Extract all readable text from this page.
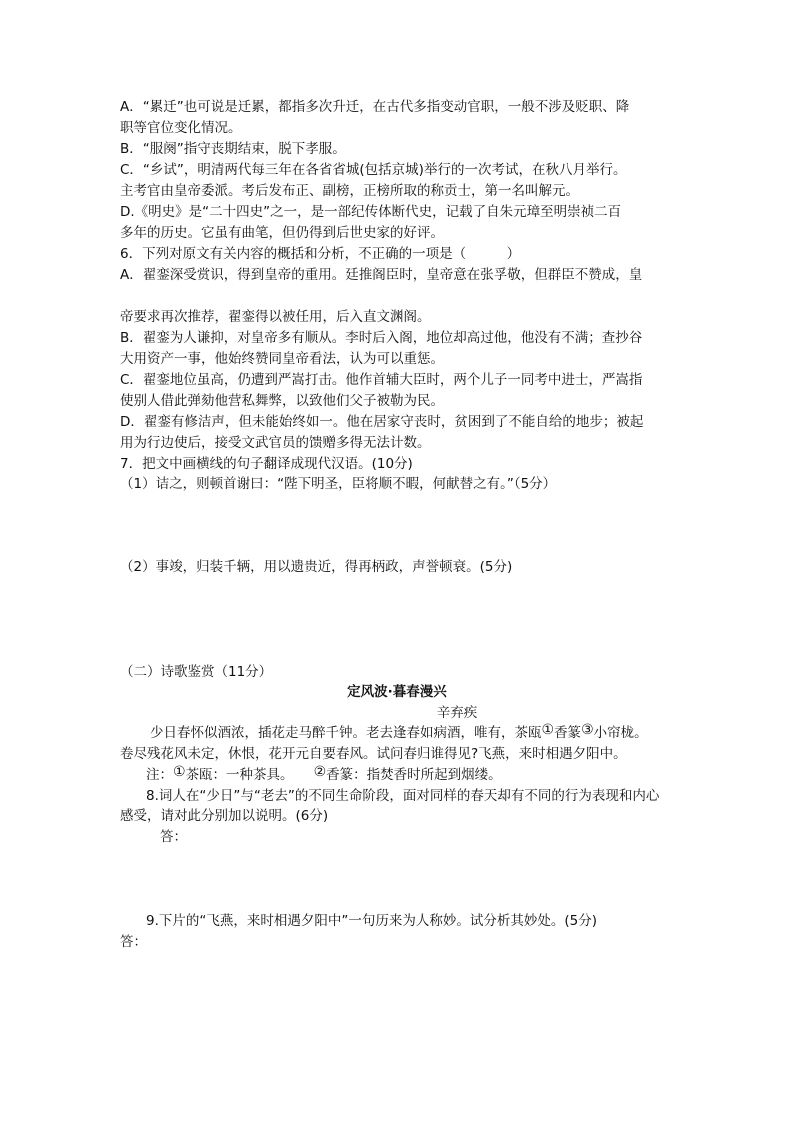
A．“累迁”也可说是迁累，都指多次升迁，在古代多指变动官职，一般不涉及贬职、降
职等官位变化情况。
B．“服阕”指守丧期结束，脱下孝服。
C．“乡试”，明清两代每三年在各省省城(包括京城)举行的一次考试，在秋八月举行。
主考官由皇帝委派。考后发布正、副榜，正榜所取的称贡士，第一名叫解元。
D.《明史》是“二十四史”之一，是一部纪传体断代史，记载了自朱元璋至明崇祯二百
多年的历史。它虽有曲笔，但仍得到后世史家的好评。
6．下列对原文有关内容的概括和分析，不正确的一项是（　　　）
A．翟銮深受赏识，得到皇帝的重用。廷推阁臣时，皇帝意在张孚敬，但群臣不赞成，皇
帝要求再次推荐，翟銮得以被任用，后入直文渊阁。
B．翟銮为人谦抑，对皇帝多有顺从。李时后入阁，地位却高过他，他没有不满；查抄谷
大用资产一事，他始终赞同皇帝看法，认为可以重惩。
C．翟銮地位虽高，仍遭到严嵩打击。他作首辅大臣时，两个儿子一同考中进士，严嵩指
使别人借此弹劾他营私舞弊，以致他们父子被勒为民。
D．翟銮有修洁声，但未能始终如一。他在居家守丧时，贫困到了不能自给的地步；被起
用为行边使后，接受文武官员的馈赠多得无法计数。
7．把文中画横线的句子翻译成现代汉语。(10分)
（1）诘之，则顿首谢曰：“陛下明圣，臣将顺不暇，何献替之有。”（5分）
（2）事竣，归装千辆，用以遗贵近，得再柄政，声誉顿衰。(5分)
（二）诗歌鉴赏（11分）
定风波·暮春漫兴
辛弃疾
少日春怀似酒浓，插花走马醉千钟。老去逢春如病酒，唯有，茶瓯①香篆③小帘栊。
卷尽残花风未定，休恨，花开元自要春风。试问春归谁得见?飞燕，来时相遇夕阳中。
注：①茶瓯：一种茶具。 ②香篆：指焚香时所起到烟缕。
8.词人在“少日”与“老去”的不同生命阶段，面对同样的春天却有不同的行为表现和内心
感受，请对此分别加以说明。(6分)
答：
9.下片的“飞燕，来时相遇夕阳中”一句历来为人称妙。试分析其妙处。(5分)
答：
